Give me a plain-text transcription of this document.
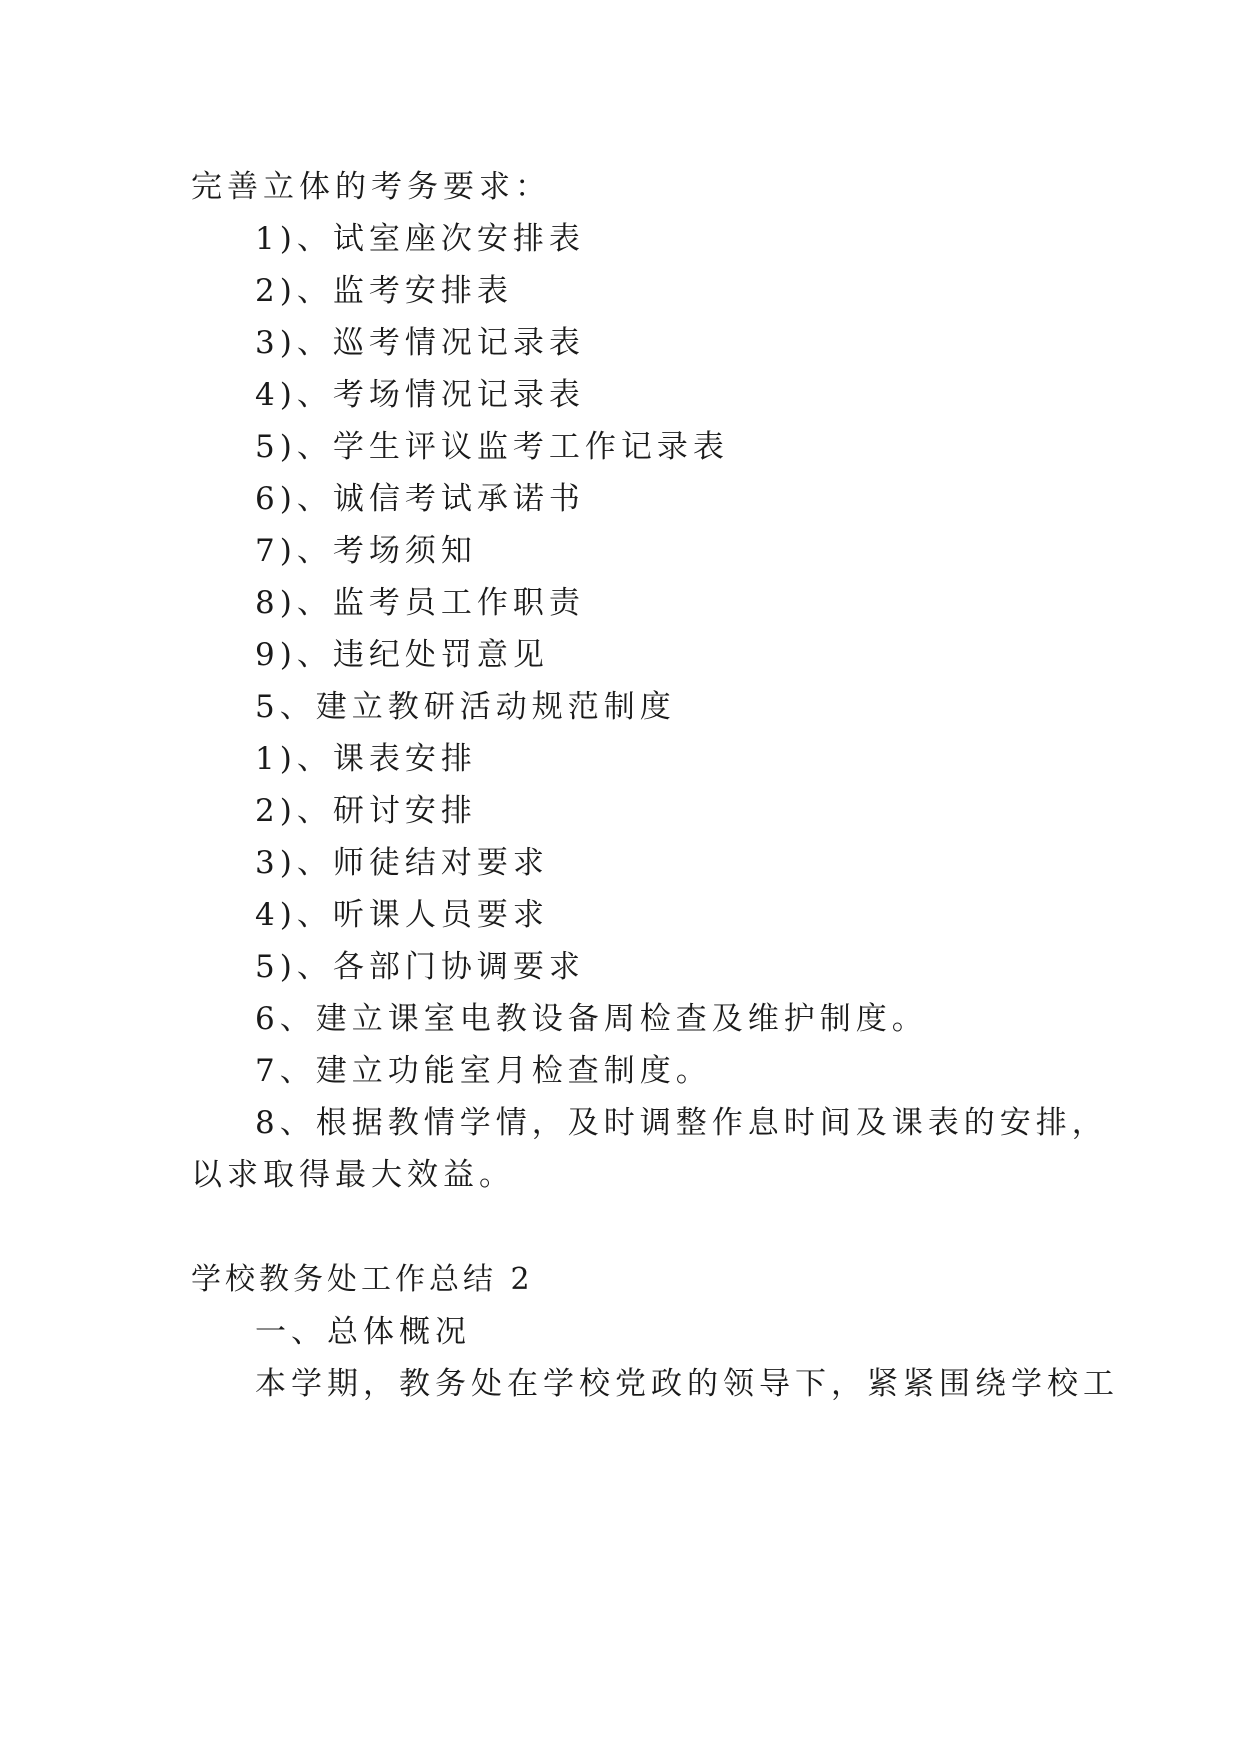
完善立体的考务要求：
1)、试室座次安排表
2)、监考安排表
3)、巡考情况记录表
4)、考场情况记录表
5)、学生评议监考工作记录表
6)、诚信考试承诺书
7)、考场须知
8)、监考员工作职责
9)、违纪处罚意见
5、建立教研活动规范制度
1)、课表安排
2)、研讨安排
3)、师徒结对要求
4)、听课人员要求
5)、各部门协调要求
6、建立课室电教设备周检查及维护制度。
7、建立功能室月检查制度。
8、根据教情学情，及时调整作息时间及课表的安排，
以求取得最大效益。
学校教务处工作总结 2
一、总体概况
本学期，教务处在学校党政的领导下，紧紧围绕学校工
